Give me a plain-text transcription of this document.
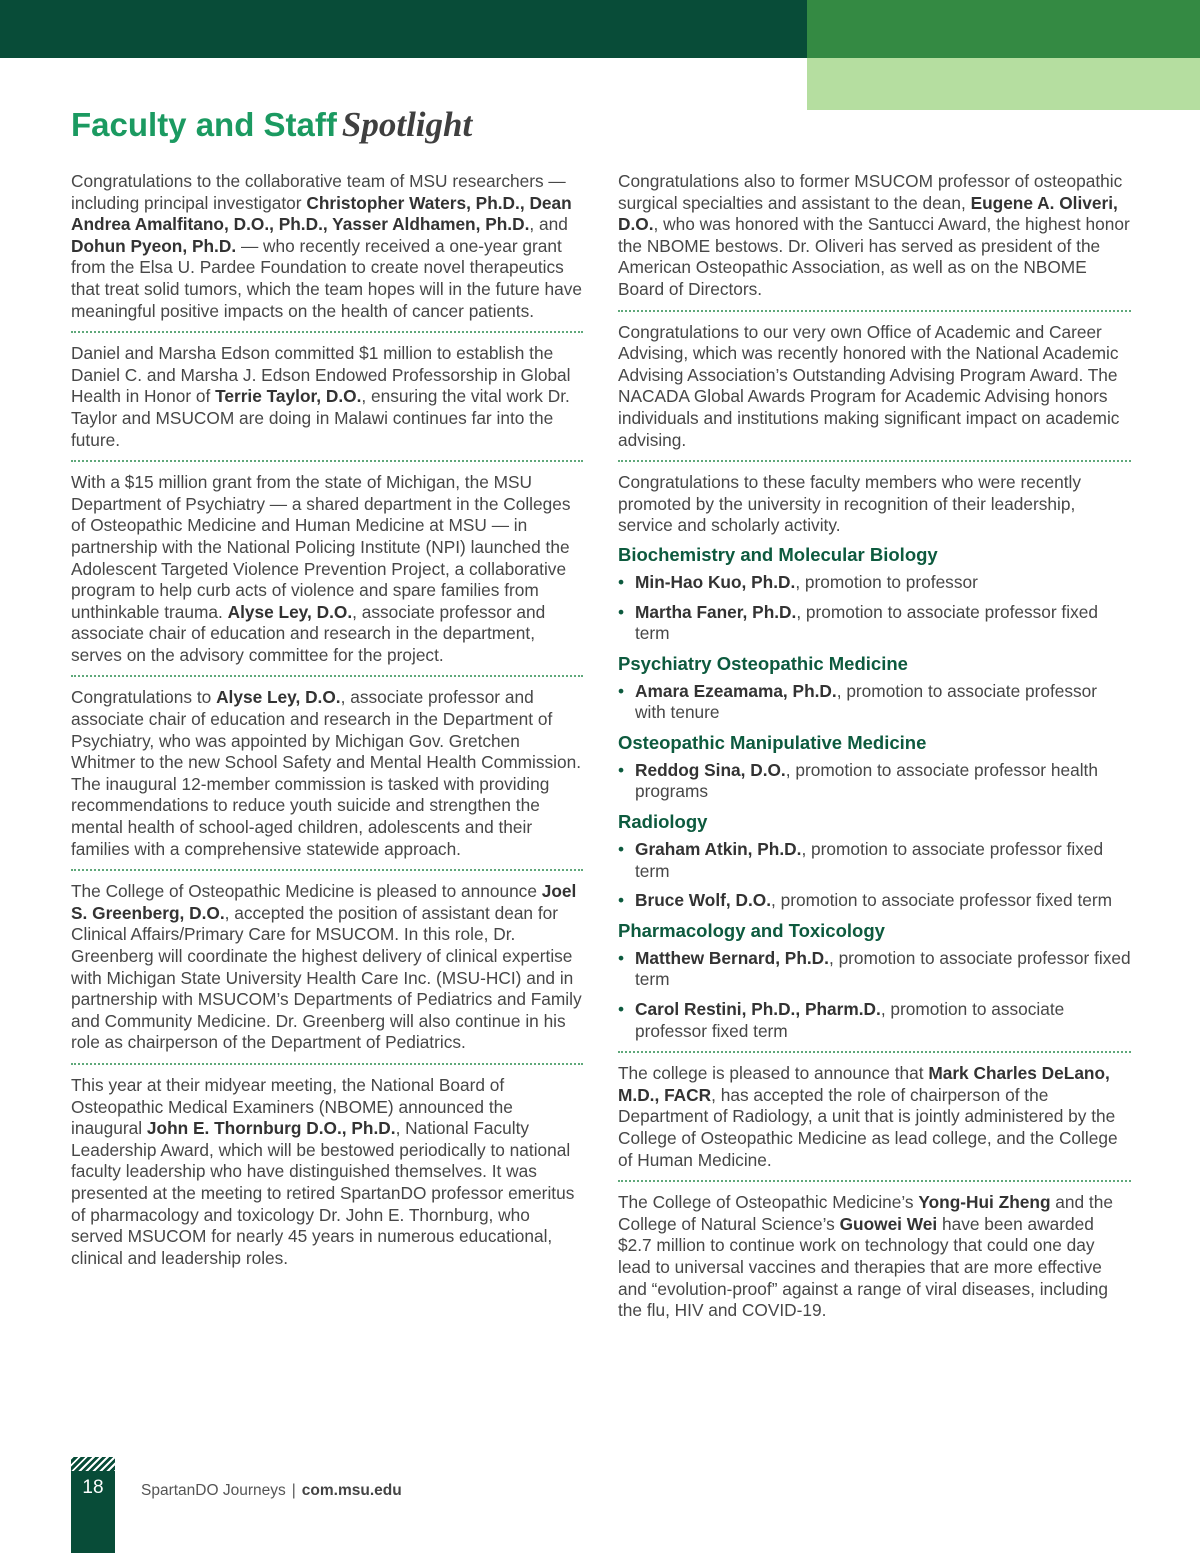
Faculty and Staff Spotlight

Congratulations to the collaborative team of MSU researchers — including principal investigator Christopher Waters, Ph.D., Dean Andrea Amalfitano, D.O., Ph.D., Yasser Aldhamen, Ph.D., and Dohun Pyeon, Ph.D. — who recently received a one-year grant from the Elsa U. Pardee Foundation to create novel therapeutics that treat solid tumors, which the team hopes will in the future have meaningful positive impacts on the health of cancer patients.

Daniel and Marsha Edson committed $1 million to establish the Daniel C. and Marsha J. Edson Endowed Professorship in Global Health in Honor of Terrie Taylor, D.O., ensuring the vital work Dr. Taylor and MSUCOM are doing in Malawi continues far into the future.

With a $15 million grant from the state of Michigan, the MSU Department of Psychiatry — a shared department in the Colleges of Osteopathic Medicine and Human Medicine at MSU — in partnership with the National Policing Institute (NPI) launched the Adolescent Targeted Violence Prevention Project, a collaborative program to help curb acts of violence and spare families from unthinkable trauma. Alyse Ley, D.O., associate professor and associate chair of education and research in the department, serves on the advisory committee for the project.

Congratulations to Alyse Ley, D.O., associate professor and associate chair of education and research in the Department of Psychiatry, who was appointed by Michigan Gov. Gretchen Whitmer to the new School Safety and Mental Health Commission. The inaugural 12-member commission is tasked with providing recommendations to reduce youth suicide and strengthen the mental health of school-aged children, adolescents and their families with a comprehensive statewide approach.

The College of Osteopathic Medicine is pleased to announce Joel S. Greenberg, D.O., accepted the position of assistant dean for Clinical Affairs/Primary Care for MSUCOM. In this role, Dr. Greenberg will coordinate the highest delivery of clinical expertise with Michigan State University Health Care Inc. (MSU-HCI) and in partnership with MSUCOM’s Departments of Pediatrics and Family and Community Medicine. Dr. Greenberg will also continue in his role as chairperson of the Department of Pediatrics.

This year at their midyear meeting, the National Board of Osteopathic Medical Examiners (NBOME) announced the inaugural John E. Thornburg D.O., Ph.D., National Faculty Leadership Award, which will be bestowed periodically to national faculty leadership who have distinguished themselves. It was presented at the meeting to retired SpartanDO professor emeritus of pharmacology and toxicology Dr. John E. Thornburg, who served MSUCOM for nearly 45 years in numerous educational, clinical and leadership roles.

Congratulations also to former MSUCOM professor of osteopathic surgical specialties and assistant to the dean, Eugene A. Oliveri, D.O., who was honored with the Santucci Award, the highest honor the NBOME bestows. Dr. Oliveri has served as president of the American Osteopathic Association, as well as on the NBOME Board of Directors.

Congratulations to our very own Office of Academic and Career Advising, which was recently honored with the National Academic Advising Association’s Outstanding Advising Program Award. The NACADA Global Awards Program for Academic Advising honors individuals and institutions making significant impact on academic advising.

Congratulations to these faculty members who were recently promoted by the university in recognition of their leadership, service and scholarly activity.

Biochemistry and Molecular Biology
• Min-Hao Kuo, Ph.D., promotion to professor
• Martha Faner, Ph.D., promotion to associate professor fixed term
Psychiatry Osteopathic Medicine
• Amara Ezeamama, Ph.D., promotion to associate professor with tenure
Osteopathic Manipulative Medicine
• Reddog Sina, D.O., promotion to associate professor health programs
Radiology
• Graham Atkin, Ph.D., promotion to associate professor fixed term
• Bruce Wolf, D.O., promotion to associate professor fixed term
Pharmacology and Toxicology
• Matthew Bernard, Ph.D., promotion to associate professor fixed term
• Carol Restini, Ph.D., Pharm.D., promotion to associate professor fixed term

The college is pleased to announce that Mark Charles DeLano, M.D., FACR, has accepted the role of chairperson of the Department of Radiology, a unit that is jointly administered by the College of Osteopathic Medicine as lead college, and the College of Human Medicine.

The College of Osteopathic Medicine’s Yong-Hui Zheng and the College of Natural Science’s Guowei Wei have been awarded $2.7 million to continue work on technology that could one day lead to universal vaccines and therapies that are more effective and “evolution-proof” against a range of viral diseases, including the flu, HIV and COVID-19.

18	SpartanDO Journeys | com.msu.edu
